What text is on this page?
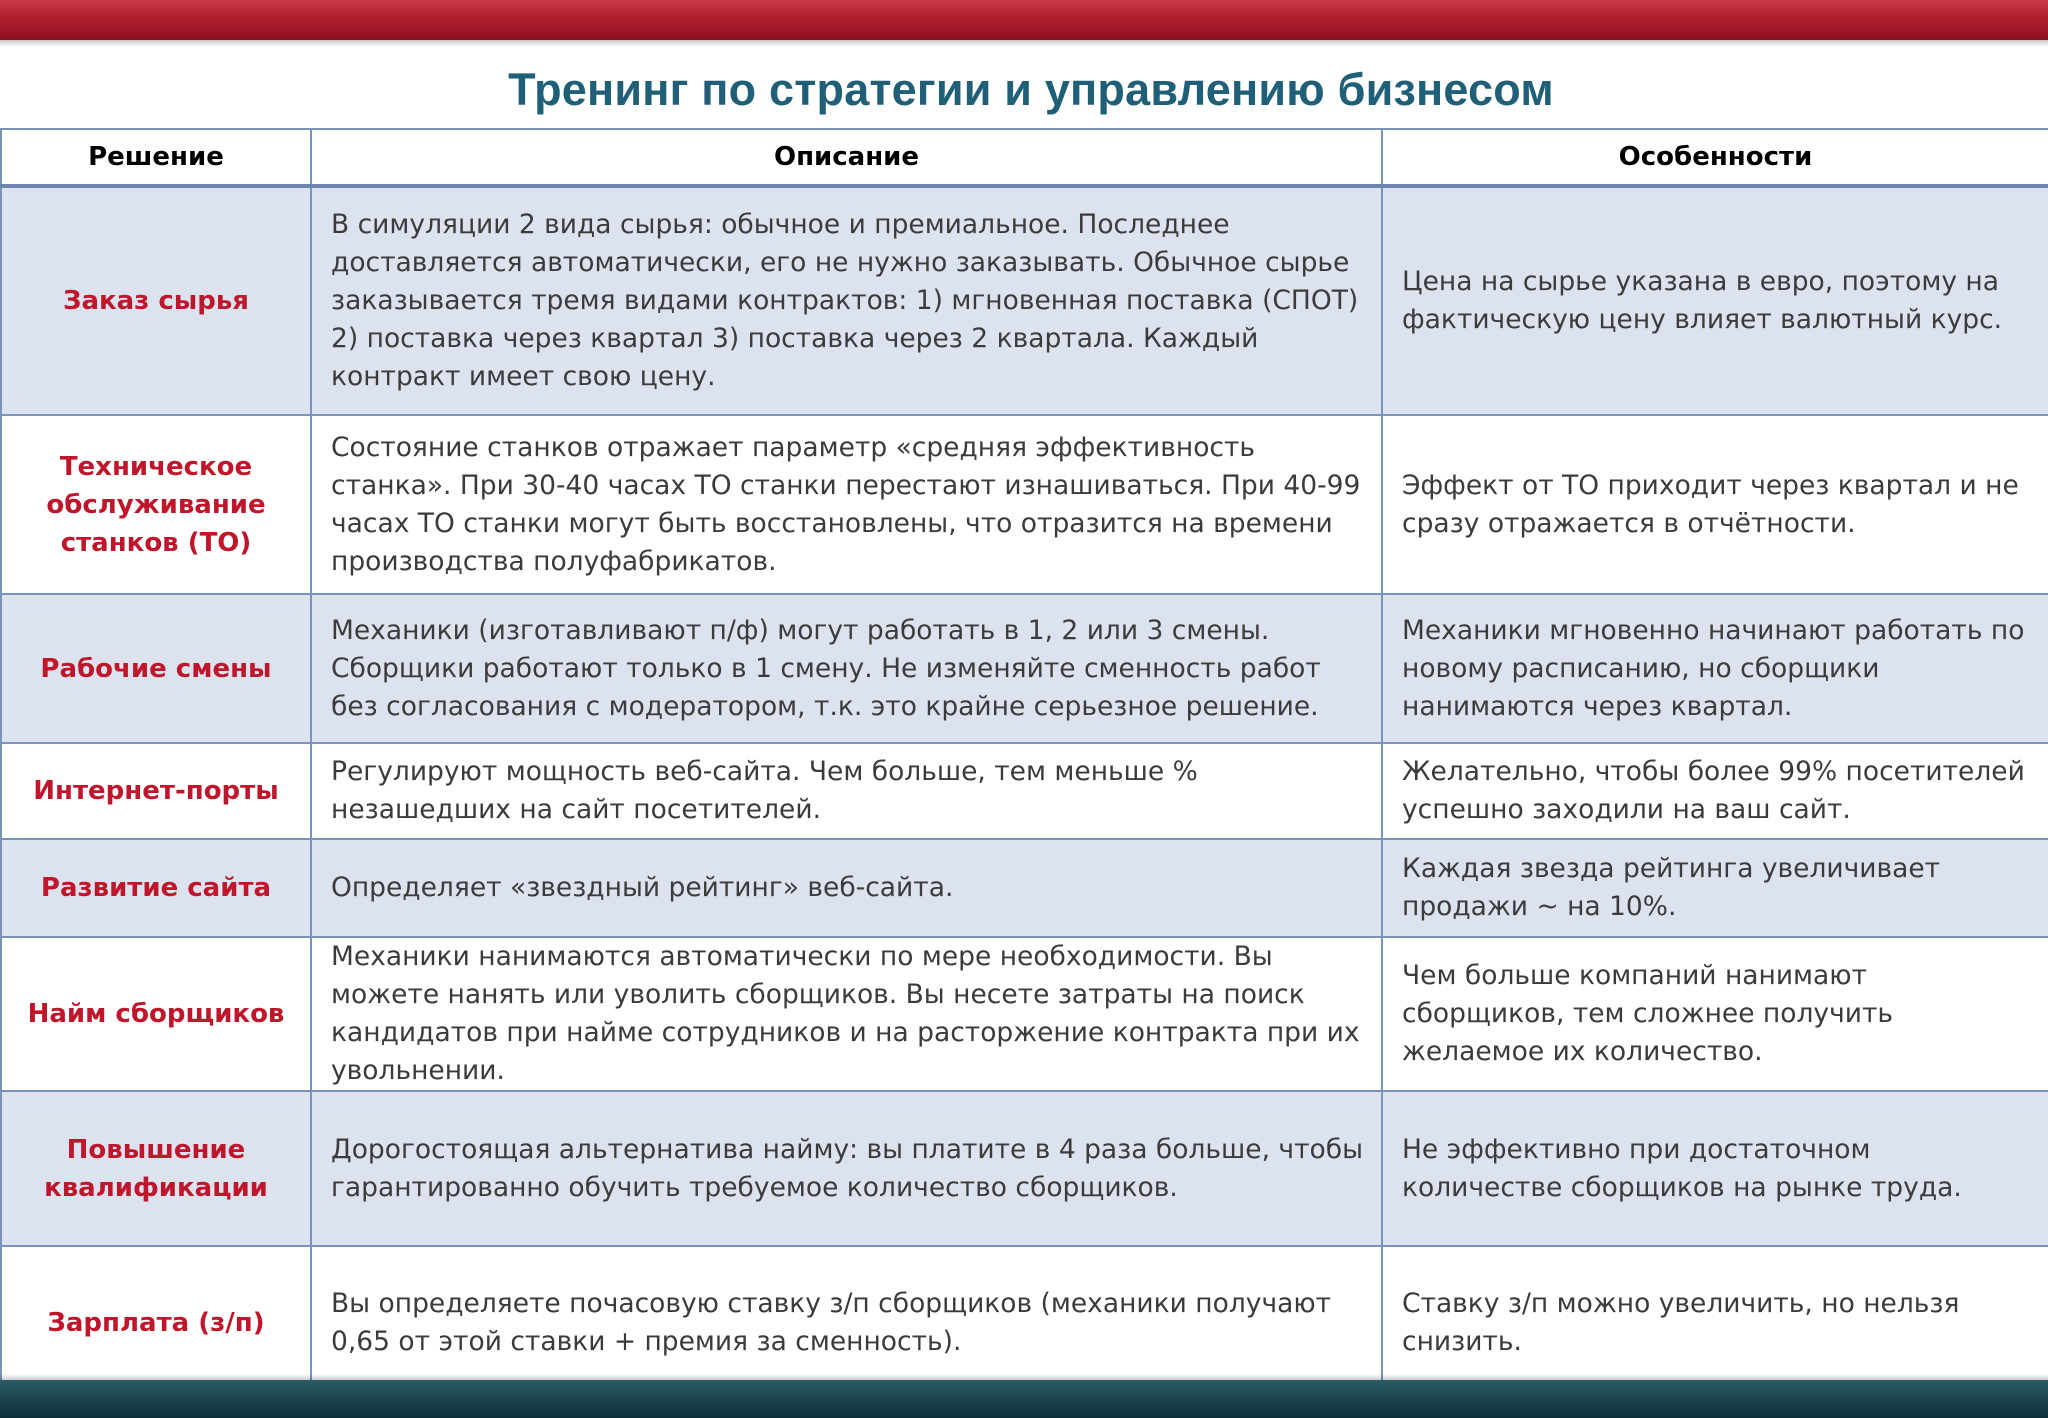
Тренинг по стратегии и управлению бизнесом
Решение	Описание	Особенности
Заказ сырья	В симуляции 2 вида сырья: обычное и премиальное. Последнее доставляется автоматически, его не нужно заказывать. Обычное сырье заказывается тремя видами контрактов: 1) мгновенная поставка (СПОТ) 2) поставка через квартал 3) поставка через 2 квартала. Каждый контракт имеет свою цену.	Цена на сырье указана в евро, поэтому на фактическую цену влияет валютный курс.
Техническое обслуживание станков (ТО)	Состояние станков отражает параметр «средняя эффективность станка». При 30-40 часах ТО станки перестают изнашиваться. При 40-99 часах ТО станки могут быть восстановлены, что отразится на времени производства полуфабрикатов.	Эффект от ТО приходит через квартал и не сразу отражается в отчётности.
Рабочие смены	Механики (изготавливают п/ф) могут работать в 1, 2 или 3 смены. Сборщики работают только в 1 смену. Не изменяйте сменность работ без согласования с модератором, т.к. это крайне серьезное решение.	Механики мгновенно начинают работать по новому расписанию, но сборщики нанимаются через квартал.
Интернет-порты	Регулируют мощность веб-сайта. Чем больше, тем меньше % незашедших на сайт посетителей.	Желательно, чтобы более 99% посетителей успешно заходили на ваш сайт.
Развитие сайта	Определяет «звездный рейтинг» веб-сайта.	Каждая звезда рейтинга увеличивает продажи ~ на 10%.
Найм сборщиков	Механики нанимаются автоматически по мере необходимости. Вы можете нанять или уволить сборщиков. Вы несете затраты на поиск кандидатов при найме сотрудников и на расторжение контракта при их увольнении.	Чем больше компаний нанимают сборщиков, тем сложнее получить желаемое их количество.
Повышение квалификации	Дорогостоящая альтернатива найму: вы платите в 4 раза больше, чтобы гарантированно обучить требуемое количество сборщиков.	Не эффективно при достаточном количестве сборщиков на рынке труда.
Зарплата (з/п)	Вы определяете почасовую ставку з/п сборщиков (механики получают 0,65 от этой ставки + премия за сменность).	Ставку з/п можно увеличить, но нельзя снизить.
